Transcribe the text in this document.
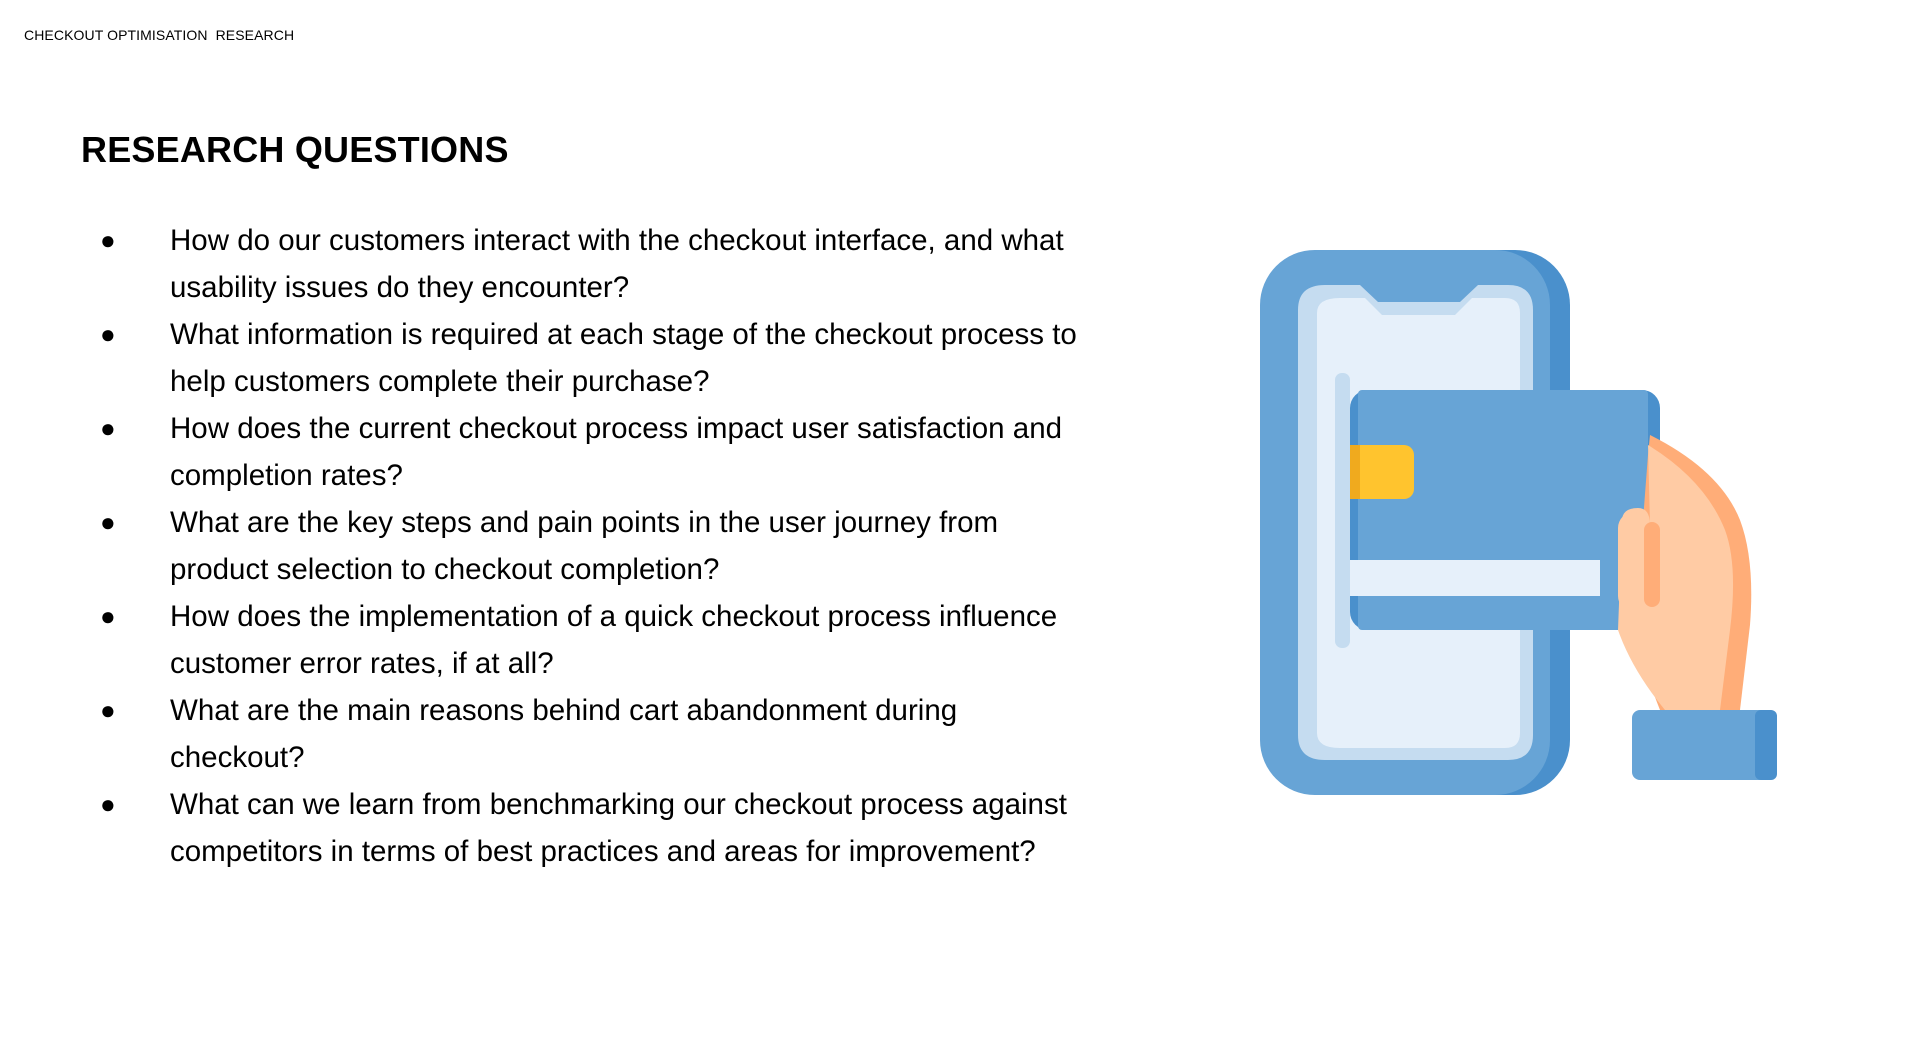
CHECKOUT OPTIMISATION  RESEARCH
RESEARCH QUESTIONS
● How do our customers interact with the checkout interface, and what usability issues do they encounter?
● What information is required at each stage of the checkout process to help customers complete their purchase?
● How does the current checkout process impact user satisfaction and completion rates?
● What are the key steps and pain points in the user journey from product selection to checkout completion?
● How does the implementation of a quick checkout process influence customer error rates, if at all?
● What are the main reasons behind cart abandonment during checkout?
● What can we learn from benchmarking our checkout process against competitors in terms of best practices and areas for improvement?
